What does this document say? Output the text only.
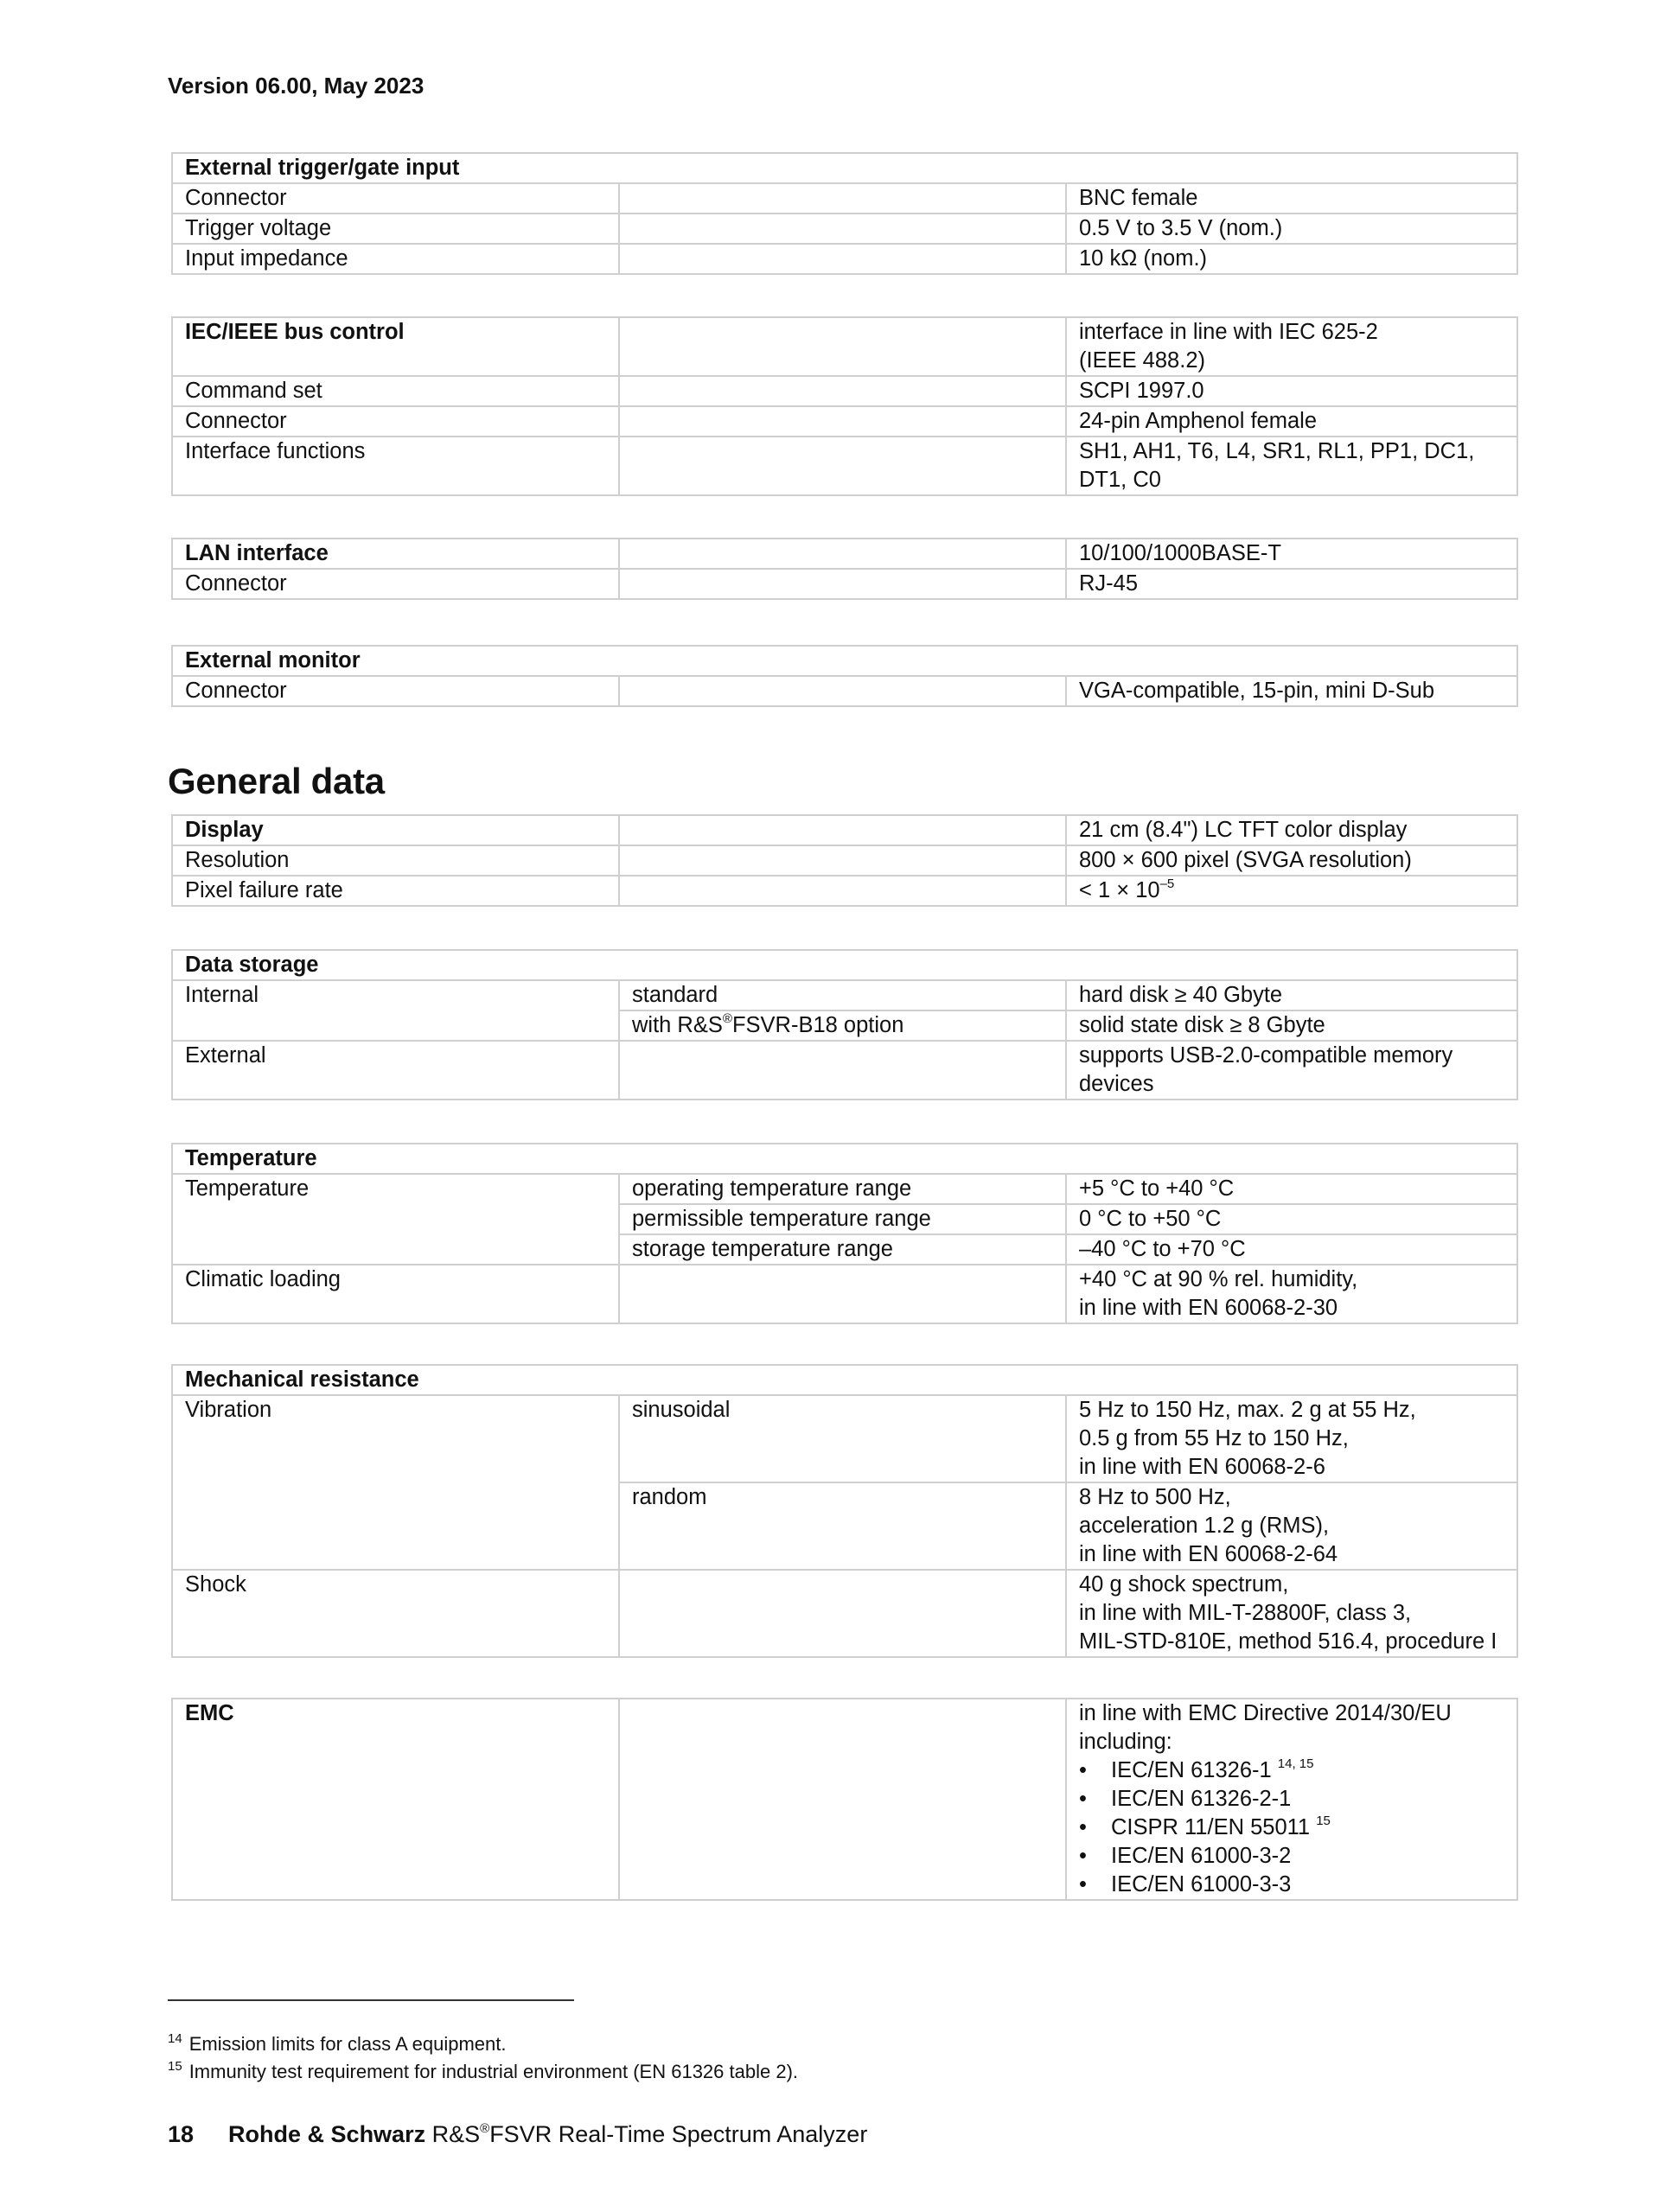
Version 06.00, May 2023
External trigger/gate input		
Connector		BNC female
Trigger voltage		0.5 V to 3.5 V (nom.)
Input impedance		10 kΩ (nom.)
IEC/IEEE bus control		interface in line with IEC 625-2
(IEEE 488.2)
Command set		SCPI 1997.0
Connector		24-pin Amphenol female
Interface functions		SH1, AH1, T6, L4, SR1, RL1, PP1, DC1,
DT1, C0
LAN interface		10/100/1000BASE-T
Connector		RJ-45
External monitor
Connector		VGA-compatible, 15-pin, mini D-Sub
General data
Display		21 cm (8.4") LC TFT color display
Resolution		800 × 600 pixel (SVGA resolution)
Pixel failure rate		< $1 \times 10^{-5}$
Data storage		
Internal	standard	hard disk ≥ 40 Gbyte
	with R&S®FSVR-B18 option	solid state disk ≥ 8 Gbyte
External		supports USB-2.0-compatible memory
devices
Temperature		
Temperature	operating temperature range	+5 °C to +40 °C
	permissible temperature range	0 °C to +50 °C
	storage temperature range	–40 °C to +70 °C
Climatic loading		+40 °C at 90 % rel. humidity,
in line with EN 60068-2-30
Mechanical resistance		
Vibration	sinusoidal	5 Hz to 150 Hz, max. 2 g at 55 Hz,
0.5 g from 55 Hz to 150 Hz,
in line with EN 60068-2-6
	random	8 Hz to 500 Hz,
acceleration 1.2 g (RMS),
in line with EN 60068-2-64
Shock		40 g shock spectrum,
in line with MIL-T-28800F, class 3,
MIL-STD-810E, method 516.4, procedure I
EMC		in line with EMC Directive 2014/30/EU
including:
• IEC/EN 61326-1 $^{14, 15}$
• IEC/EN 61326-2-1
• CISPR 11/EN 55011 $^{15}$
• IEC/EN 61000-3-2
• IEC/EN 61000-3-3
$^{14}$ Emission limits for class A equipment.
$^{15}$ Immunity test requirement for industrial environment (EN 61326 table 2).
18 Rohde & Schwarz R&S®FSVR Real-Time Spectrum Analyzer
